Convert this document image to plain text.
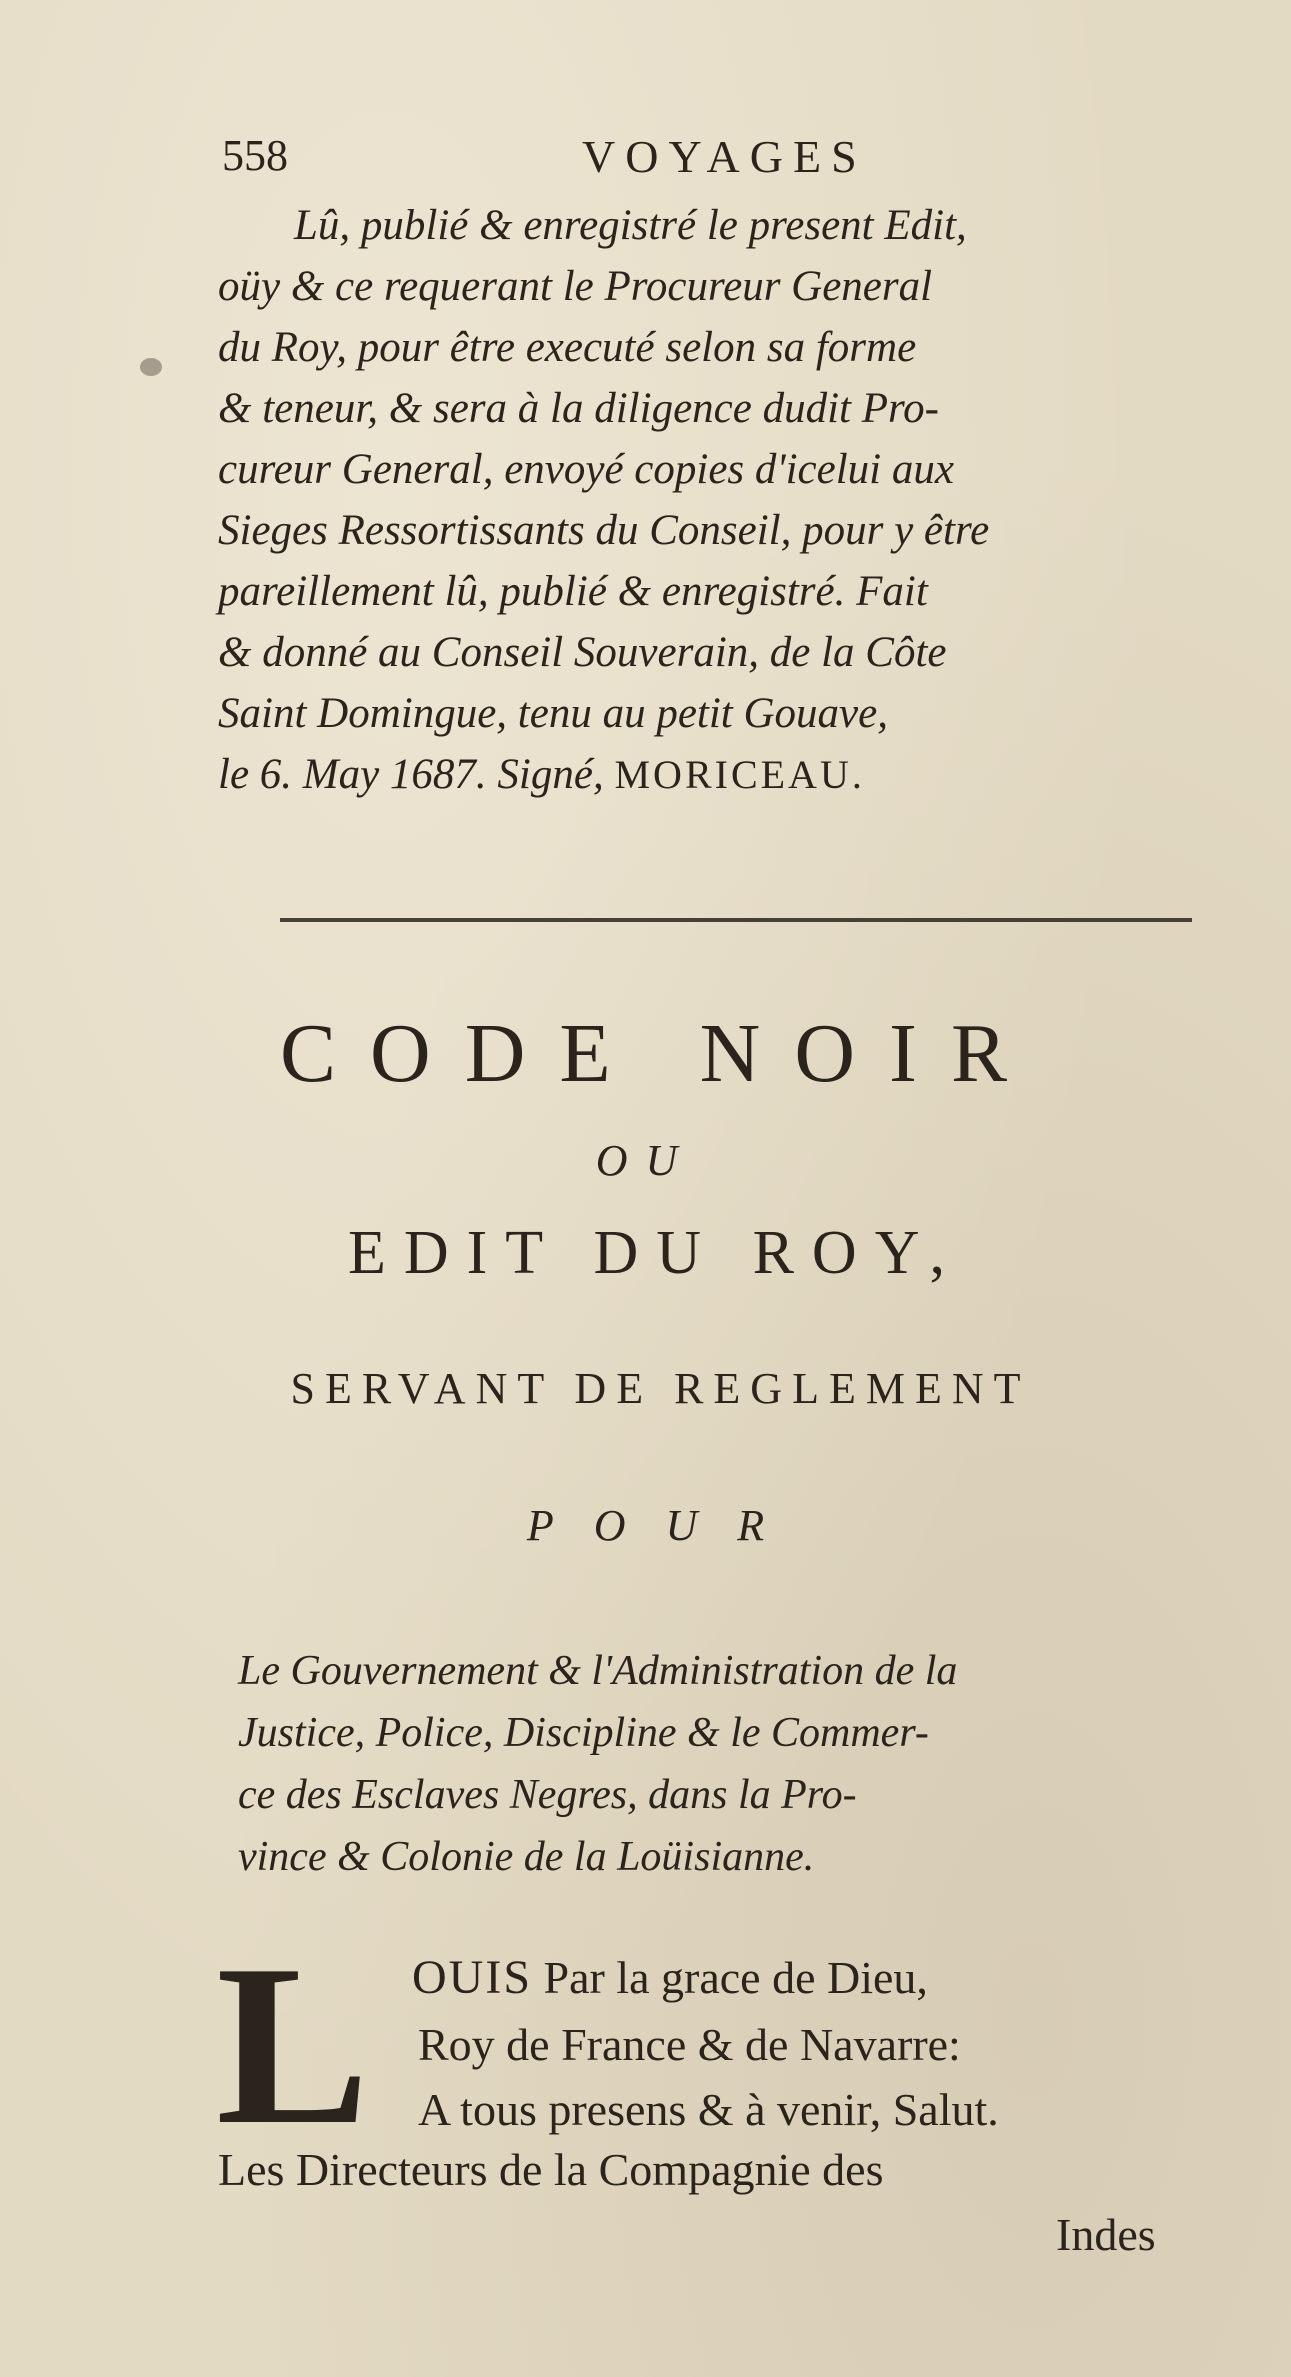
558	VOYAGES
Lû, publié & enregistré le present Edit,
oüy & ce requerant le Procureur General
du Roy, pour être executé selon sa forme
& teneur, & sera à la diligence dudit Pro-
cureur General, envoyé copies d'icelui aux
Sieges Ressortissants du Conseil, pour y être
pareillement lû, publié & enregistré. Fait
& donné au Conseil Souverain, de la Côte
Saint Domingue, tenu au petit Gouave,
le 6. May 1687. Signé, MORICEAU.
CODE NOIR
OU
EDIT DU ROY,
SERVANT DE REGLEMENT
POUR
Le Gouvernement & l'Administration de la
Justice, Police, Discipline & le Commer-
ce des Esclaves Negres, dans la Pro-
vince & Colonie de la Loüisianne.
L OUIS Par la grace de Dieu,
Roy de France & de Navarre:
A tous presens & à venir, Salut.
Les Directeurs de la Compagnie des
Indes
